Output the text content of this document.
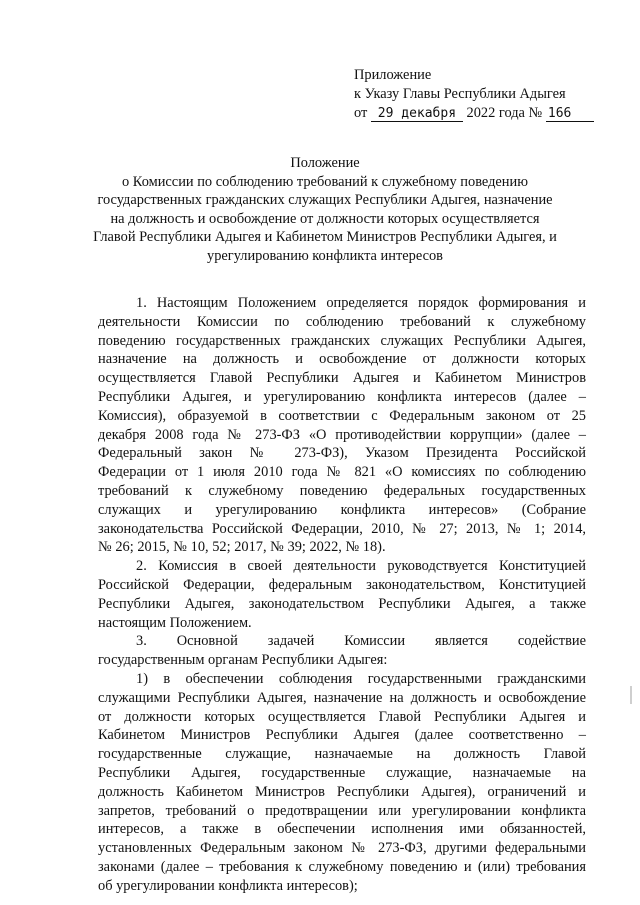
Приложение
к Указу Главы Республики Адыгея
от 29 декабря 2022 года № 166
Положение
о Комиссии по соблюдению требований к служебному поведению
государственных гражданских служащих Республики Адыгея, назначение
на должность и освобождение от должности которых осуществляется
Главой Республики Адыгея и Кабинетом Министров Республики Адыгея, и
урегулированию конфликта интересов
1. Настоящим Положением определяется порядок формирования и
деятельности Комиссии по соблюдению требований к служебному
поведению государственных гражданских служащих Республики Адыгея,
назначение на должность и освобождение от должности которых
осуществляется Главой Республики Адыгея и Кабинетом Министров
Республики Адыгея, и урегулированию конфликта интересов (далее –
Комиссия), образуемой в соответствии с Федеральным законом от 25
декабря 2008 года № 273-ФЗ «О противодействии коррупции» (далее –
Федеральный закон № 273-ФЗ), Указом Президента Российской
Федерации от 1 июля 2010 года № 821 «О комиссиях по соблюдению
требований к служебному поведению федеральных государственных
служащих и урегулированию конфликта интересов» (Собрание
законодательства Российской Федерации, 2010, № 27; 2013, № 1; 2014,
№ 26; 2015, № 10, 52; 2017, № 39; 2022, № 18).
2. Комиссия в своей деятельности руководствуется Конституцией
Российской Федерации, федеральным законодательством, Конституцией
Республики Адыгея, законодательством Республики Адыгея, а также
настоящим Положением.
3. Основной задачей Комиссии является содействие
государственным органам Республики Адыгея:
1) в обеспечении соблюдения государственными гражданскими
служащими Республики Адыгея, назначение на должность и освобождение
от должности которых осуществляется Главой Республики Адыгея и
Кабинетом Министров Республики Адыгея (далее соответственно –
государственные служащие, назначаемые на должность Главой
Республики Адыгея, государственные служащие, назначаемые на
должность Кабинетом Министров Республики Адыгея), ограничений и
запретов, требований о предотвращении или урегулировании конфликта
интересов, а также в обеспечении исполнения ими обязанностей,
установленных Федеральным законом № 273-ФЗ, другими федеральными
законами (далее – требования к служебному поведению и (или) требования
об урегулировании конфликта интересов);
